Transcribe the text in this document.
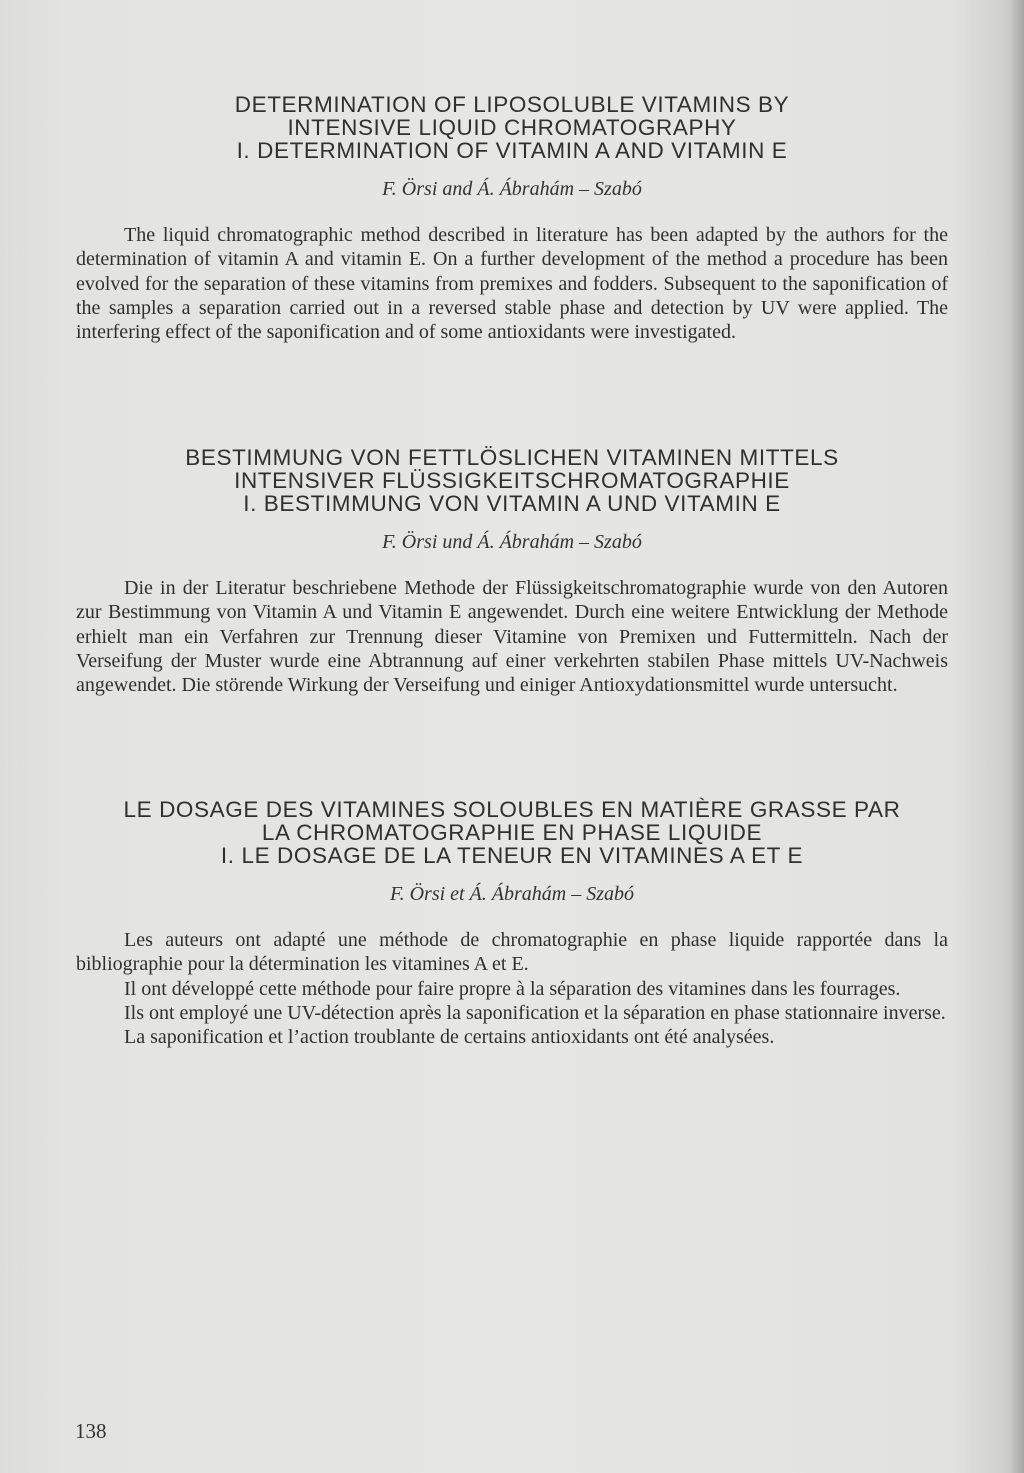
DETERMINATION OF LIPOSOLUBLE VITAMINS BY
INTENSIVE LIQUID CHROMATOGRAPHY
I. DETERMINATION OF VITAMIN A AND VITAMIN E
F. Örsi and Á. Ábrahám – Szabó

The liquid chromatographic method described in literature has been adapted by the authors for the determination of vitamin A and vitamin E. On a further development of the method a procedure has been evolved for the separation of these vitamins from premixes and fodders. Subsequent to the saponification of the samples a separation carried out in a reversed stable phase and detection by UV were applied. The interfering effect of the saponification and of some antioxidants were investigated.

BESTIMMUNG VON FETTLÖSLICHEN VITAMINEN MITTELS
INTENSIVER FLÜSSIGKEITSCHROMATOGRAPHIE
I. BESTIMMUNG VON VITAMIN A UND VITAMIN E
F. Örsi und Á. Ábrahám – Szabó

Die in der Literatur beschriebene Methode der Flüssigkeitschromatographie wurde von den Autoren zur Bestimmung von Vitamin A und Vitamin E angewendet. Durch eine weitere Entwicklung der Methode erhielt man ein Verfahren zur Trennung dieser Vitamine von Premixen und Futtermitteln. Nach der Verseifung der Muster wurde eine Abtrannung auf einer verkehrten stabilen Phase mittels UV-Nachweis angewendet. Die störende Wirkung der Verseifung und einiger Antioxydationsmittel wurde untersucht.

LE DOSAGE DES VITAMINES SOLOUBLES EN MATIÈRE GRASSE PAR
LA CHROMATOGRAPHIE EN PHASE LIQUIDE
I. LE DOSAGE DE LA TENEUR EN VITAMINES A ET E
F. Örsi et Á. Ábrahám – Szabó
Les auteurs ont adapté une méthode de chromatographie en phase liquide rapportée dans la bibliographie pour la détermination les vitamines A et E.
Il ont développé cette méthode pour faire propre à la séparation des vitamines dans les fourrages.
Ils ont employé une UV-détection après la saponification et la séparation en phase stationnaire inverse.
La saponification et l’action troublante de certains antioxidants ont été analysées.
138
